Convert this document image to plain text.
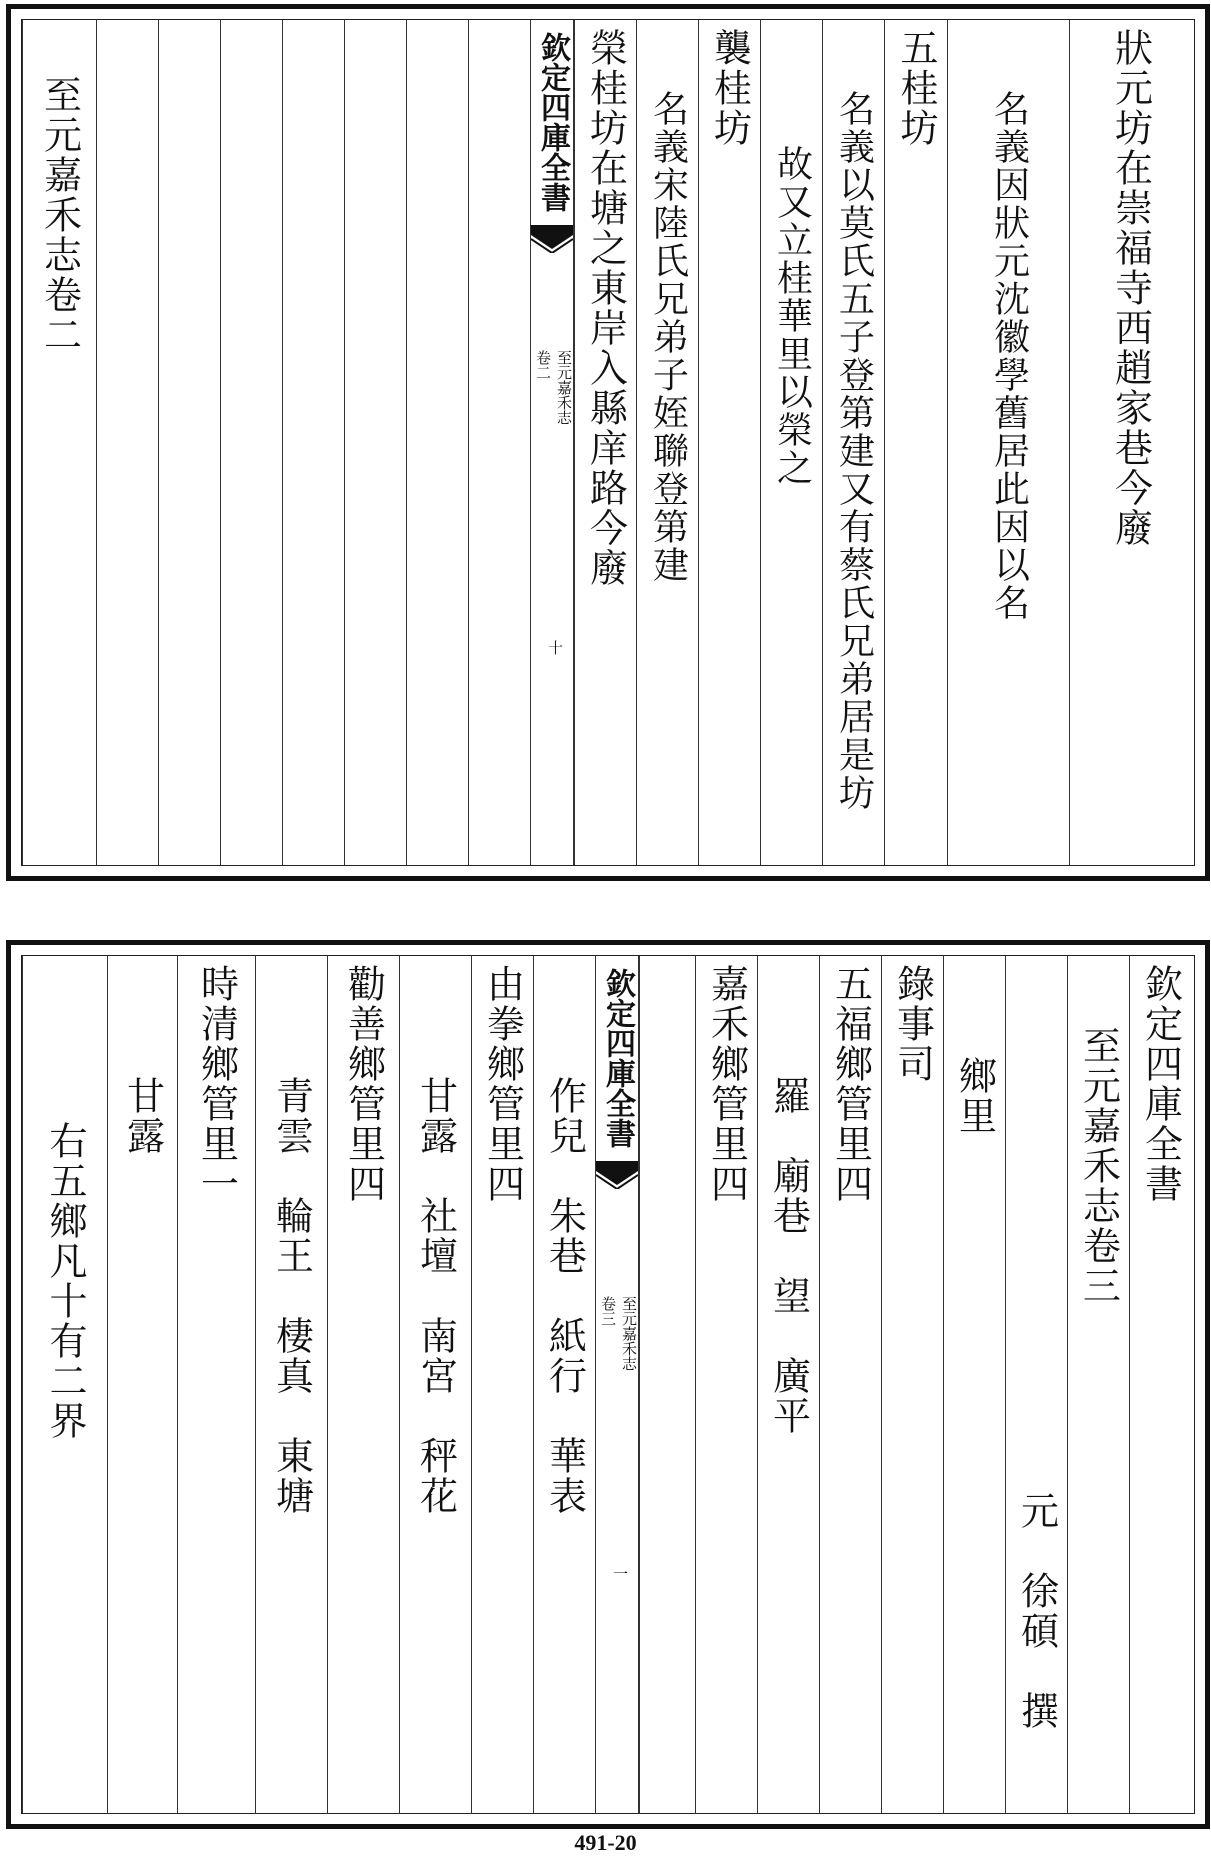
狀元坊在崇福寺西趙家巷今廢
名義因狀元沈徽學舊居此因以名
五桂坊
名義以莫氏五子登第建又有蔡氏兄弟居是坊
故又立桂華里以榮之
襲桂坊
名義宋陸氏兄弟子姪聯登第建
榮桂坊在塘之東岸入縣庠路今廢
欽定四庫全書
至元嘉禾志
卷二
十
至元嘉禾志卷二
欽定四庫全書
至元嘉禾志卷三
元　徐碩　撰
鄉里
錄事司
五福鄉管里四
羅　廟巷　望　廣平
嘉禾鄉管里四
欽定四庫全書
至元嘉禾志
卷三
一
作兒　朱巷　紙行　華表
由拳鄉管里四
甘露　社壇　南宮　秤花
勸善鄉管里四
青雲　輪王　棲真　東塘
時清鄉管里一
甘露
右五鄉凡十有二界
491-20
